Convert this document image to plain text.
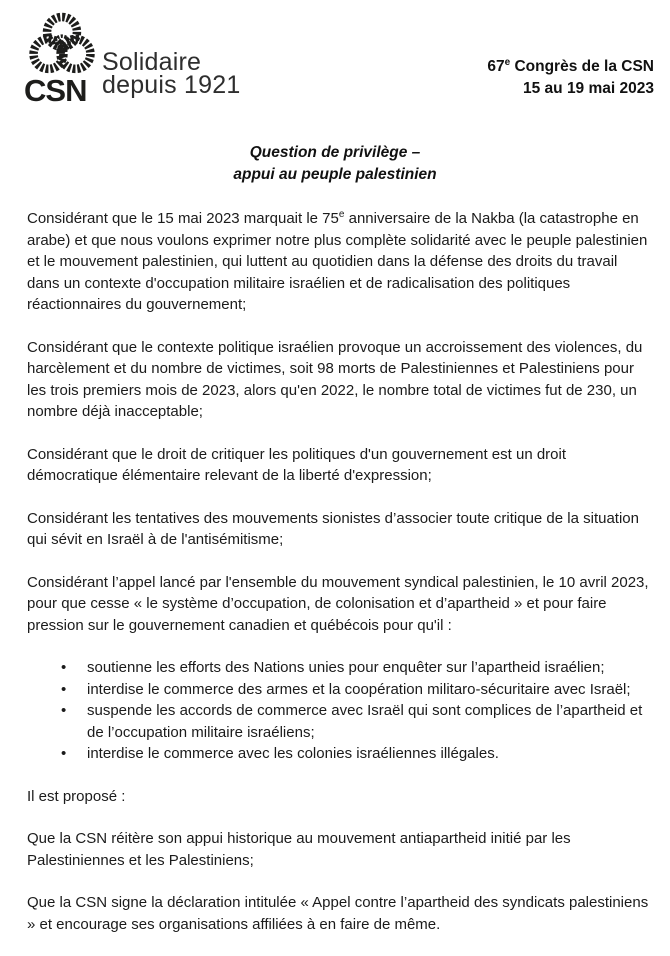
CSN
Solidaire
depuis 1921
67e Congrès de la CSN
15 au 19 mai 2023
Question de privilège –
appui au peuple palestinien

Considérant que le 15 mai 2023 marquait le 75e anniversaire de la Nakba (la catastrophe en arabe) et que nous voulons exprimer notre plus complète solidarité avec le peuple palestinien et le mouvement palestinien, qui luttent au quotidien dans la défense des droits du travail dans un contexte d'occupation militaire israélien et de radicalisation des politiques réactionnaires du gouvernement;

Considérant que le contexte politique israélien provoque un accroissement des violences, du harcèlement et du nombre de victimes, soit 98 morts de Palestiniennes et Palestiniens pour les trois premiers mois de 2023, alors qu'en 2022, le nombre total de victimes fut de 230, un nombre déjà inacceptable;

Considérant que le droit de critiquer les politiques d'un gouvernement est un droit démocratique élémentaire relevant de la liberté d'expression;

Considérant les tentatives des mouvements sionistes d’associer toute critique de la situation qui sévit en Israël à de l'antisémitisme;

Considérant l’appel lancé par l'ensemble du mouvement syndical palestinien, le 10 avril 2023, pour que cesse « le système d’occupation, de colonisation et d’apartheid » et pour faire pression sur le gouvernement canadien et québécois pour qu'il :

• soutienne les efforts des Nations unies pour enquêter sur l’apartheid israélien;
• interdise le commerce des armes et la coopération militaro-sécuritaire avec Israël;
• suspende les accords de commerce avec Israël qui sont complices de l’apartheid et de l’occupation militaire israéliens;
• interdise le commerce avec les colonies israéliennes illégales.

Il est proposé :

Que la CSN réitère son appui historique au mouvement antiapartheid initié par les Palestiniennes et les Palestiniens;

Que la CSN signe la déclaration intitulée « Appel contre l’apartheid des syndicats palestiniens » et encourage ses organisations affiliées à en faire de même.
